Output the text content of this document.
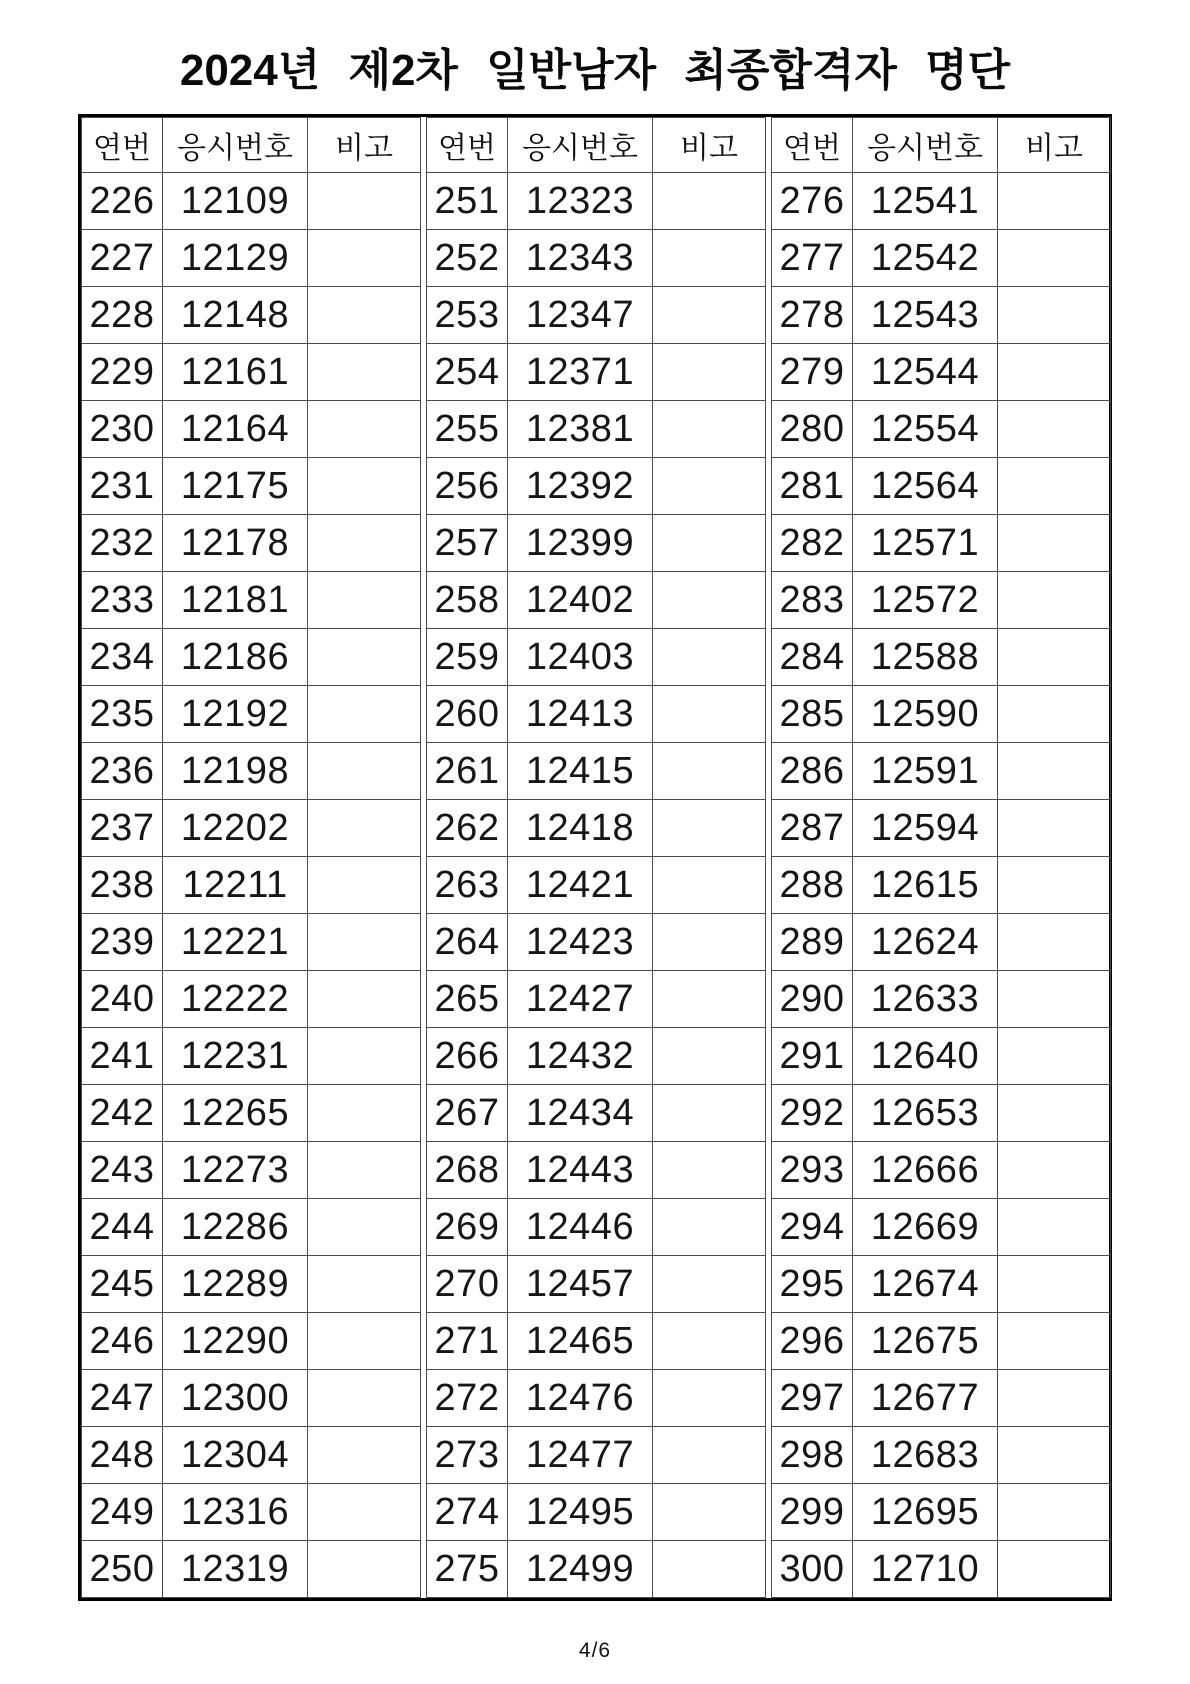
2024년 제2차 일반남자 최종합격자 명단
연번	응시번호	비고
226	12109	
227	12129	
228	12148	
229	12161	
230	12164	
231	12175	
232	12178	
233	12181	
234	12186	
235	12192	
236	12198	
237	12202	
238	12211	
239	12221	
240	12222	
241	12231	
242	12265	
243	12273	
244	12286	
245	12289	
246	12290	
247	12300	
248	12304	
249	12316	
250	12319	
연번	응시번호	비고
251	12323	
252	12343	
253	12347	
254	12371	
255	12381	
256	12392	
257	12399	
258	12402	
259	12403	
260	12413	
261	12415	
262	12418	
263	12421	
264	12423	
265	12427	
266	12432	
267	12434	
268	12443	
269	12446	
270	12457	
271	12465	
272	12476	
273	12477	
274	12495	
275	12499	
연번	응시번호	비고
276	12541	
277	12542	
278	12543	
279	12544	
280	12554	
281	12564	
282	12571	
283	12572	
284	12588	
285	12590	
286	12591	
287	12594	
288	12615	
289	12624	
290	12633	
291	12640	
292	12653	
293	12666	
294	12669	
295	12674	
296	12675	
297	12677	
298	12683	
299	12695	
300	12710	
4/6
